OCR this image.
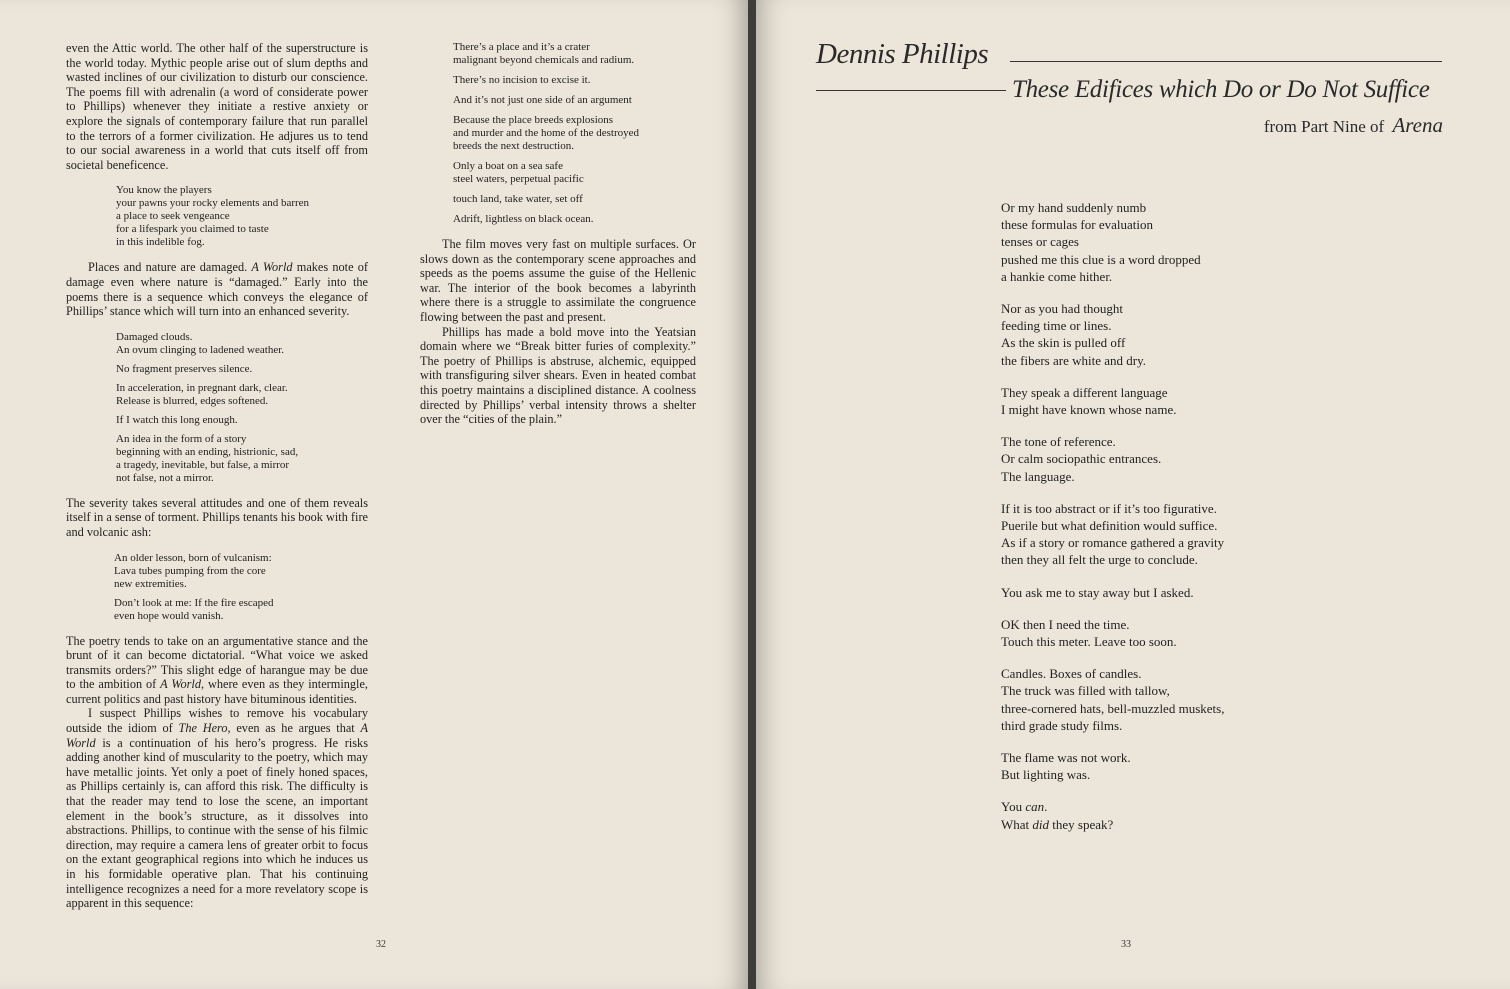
even the Attic world. The other half of the superstructure is the world today. Mythic people arise out of slum depths and wasted inclines of our civilization to disturb our conscience. The poems fill with adrenalin (a word of considerate power to Phillips) whenever they initiate a restive anxiety or explore the signals of contemporary failure that run parallel to the terrors of a former civilization. He adjures us to tend to our social awareness in a world that cuts itself off from societal beneficence.

You know the players
your pawns your rocky elements and barren
a place to seek vengeance
for a lifespark you claimed to taste
in this indelible fog.

Places and nature are damaged. A World makes note of damage even where nature is “damaged.” Early into the poems there is a sequence which conveys the elegance of Phillips’ stance which will turn into an enhanced severity.

Damaged clouds.
An ovum clinging to ladened weather.
No fragment preserves silence.
In acceleration, in pregnant dark, clear.
Release is blurred, edges softened.
If I watch this long enough.
An idea in the form of a story
beginning with an ending, histrionic, sad,
a tragedy, inevitable, but false, a mirror
not false, not a mirror.

The severity takes several attitudes and one of them reveals itself in a sense of torment. Phillips tenants his book with fire and volcanic ash:

An older lesson, born of vulcanism:
Lava tubes pumping from the core
new extremities.
Don’t look at me: If the fire escaped
even hope would vanish.

The poetry tends to take on an argumentative stance and the brunt of it can become dictatorial. “What voice we asked transmits orders?” This slight edge of harangue may be due to the ambition of A World, where even as they intermingle, current politics and past history have bituminous identities.

I suspect Phillips wishes to remove his vocabulary outside the idiom of The Hero, even as he argues that A World is a continuation of his hero’s progress. He risks adding another kind of muscularity to the poetry, which may have metallic joints. Yet only a poet of finely honed spaces, as Phillips certainly is, can afford this risk. The difficulty is that the reader may tend to lose the scene, an important element in the book’s structure, as it dissolves into abstractions. Phillips, to continue with the sense of his filmic direction, may require a camera lens of greater orbit to focus on the extant geographical regions into which he induces us in his formidable operative plan. That his continuing intelligence recognizes a need for a more revelatory scope is apparent in this sequence:

There’s a place and it’s a crater
malignant beyond chemicals and radium.
There’s no incision to excise it.
And it’s not just one side of an argument
Because the place breeds explosions
and murder and the home of the destroyed
breeds the next destruction.
Only a boat on a sea safe
steel waters, perpetual pacific
touch land, take water, set off
Adrift, lightless on black ocean.

The film moves very fast on multiple surfaces. Or slows down as the contemporary scene approaches and speeds as the poems assume the guise of the Hellenic war. The interior of the book becomes a labyrinth where there is a struggle to assimilate the congruence flowing between the past and present.

Phillips has made a bold move into the Yeatsian domain where we “Break bitter furies of complexity.” The poetry of Phillips is abstruse, alchemic, equipped with transfiguring silver shears. Even in heated combat this poetry maintains a disciplined distance. A coolness directed by Phillips’ verbal intensity throws a shelter over the “cities of the plain.”

32
Dennis Phillips
These Edifices which Do or Do Not Suffice
from Part Nine of Arena
Or my hand suddenly numb
these formulas for evaluation
tenses or cages
pushed me this clue is a word dropped
a hankie come hither.
Nor as you had thought
feeding time or lines.
As the skin is pulled off
the fibers are white and dry.
They speak a different language
I might have known whose name.
The tone of reference.
Or calm sociopathic entrances.
The language.
If it is too abstract or if it’s too figurative.
Puerile but what definition would suffice.
As if a story or romance gathered a gravity
then they all felt the urge to conclude.
You ask me to stay away but I asked.
OK then I need the time.
Touch this meter. Leave too soon.
Candles. Boxes of candles.
The truck was filled with tallow,
three-cornered hats, bell-muzzled muskets,
third grade study films.
The flame was not work.
But lighting was.
You can.
What did they speak?
33
